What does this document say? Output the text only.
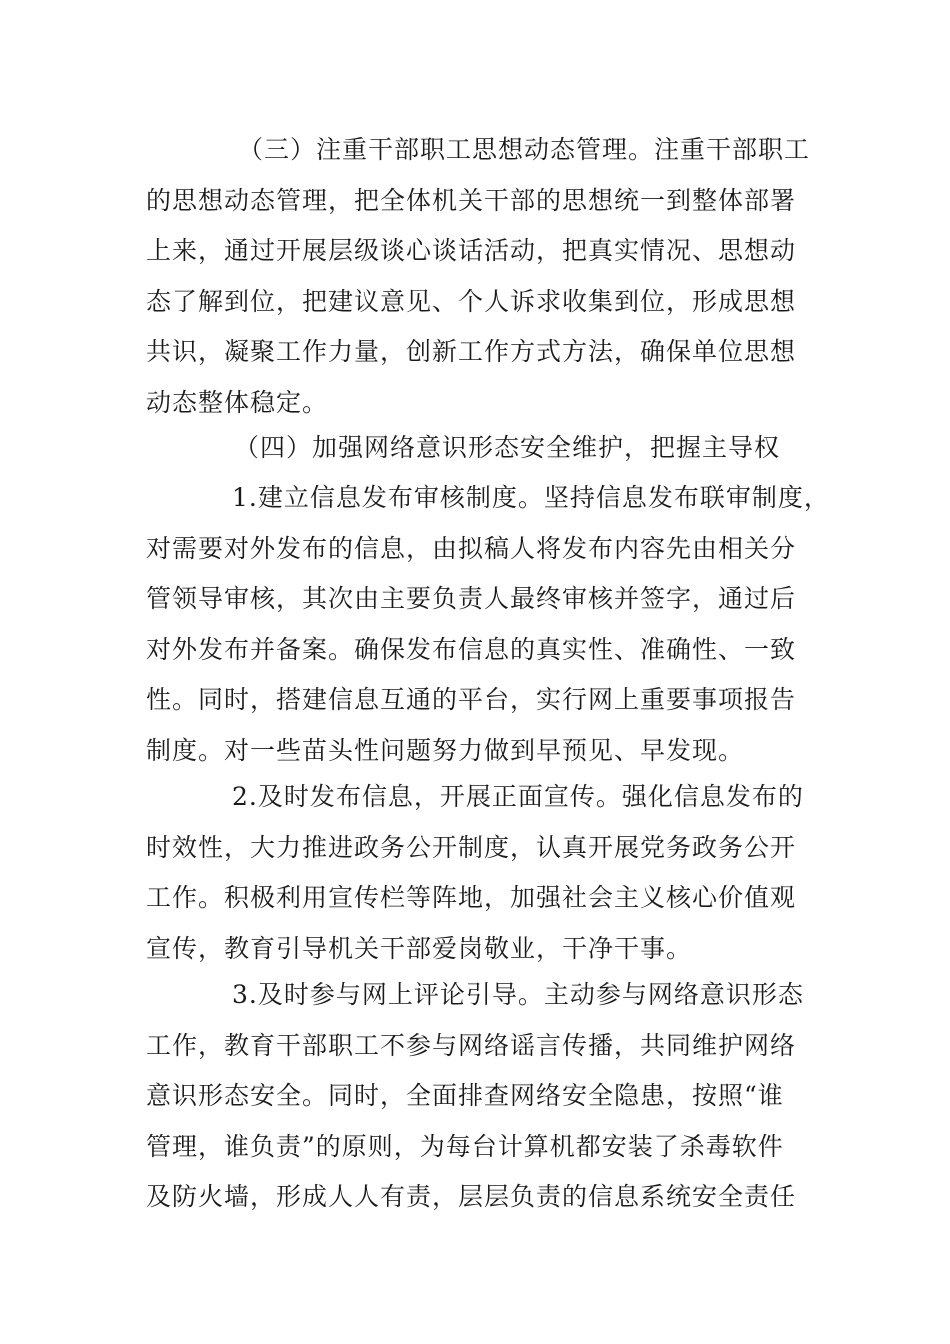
（三）注重干部职工思想动态管理。注重干部职工
的思想动态管理，把全体机关干部的思想统一到整体部署
上来，通过开展层级谈心谈话活动，把真实情况、思想动
态了解到位，把建议意见、个人诉求收集到位，形成思想
共识，凝聚工作力量，创新工作方式方法，确保单位思想
动态整体稳定。
（四）加强网络意识形态安全维护，把握主导权
1.建立信息发布审核制度。坚持信息发布联审制度，
对需要对外发布的信息，由拟稿人将发布内容先由相关分
管领导审核，其次由主要负责人最终审核并签字，通过后
对外发布并备案。确保发布信息的真实性、准确性、一致
性。同时，搭建信息互通的平台，实行网上重要事项报告
制度。对一些苗头性问题努力做到早预见、早发现。
2.及时发布信息，开展正面宣传。强化信息发布的
时效性，大力推进政务公开制度，认真开展党务政务公开
工作。积极利用宣传栏等阵地，加强社会主义核心价值观
宣传，教育引导机关干部爱岗敬业，干净干事。
3.及时参与网上评论引导。主动参与网络意识形态
工作，教育干部职工不参与网络谣言传播，共同维护网络
意识形态安全。同时，全面排查网络安全隐患，按照“谁
管理，谁负责”的原则，为每台计算机都安装了杀毒软件
及防火墙，形成人人有责，层层负责的信息系统安全责任
